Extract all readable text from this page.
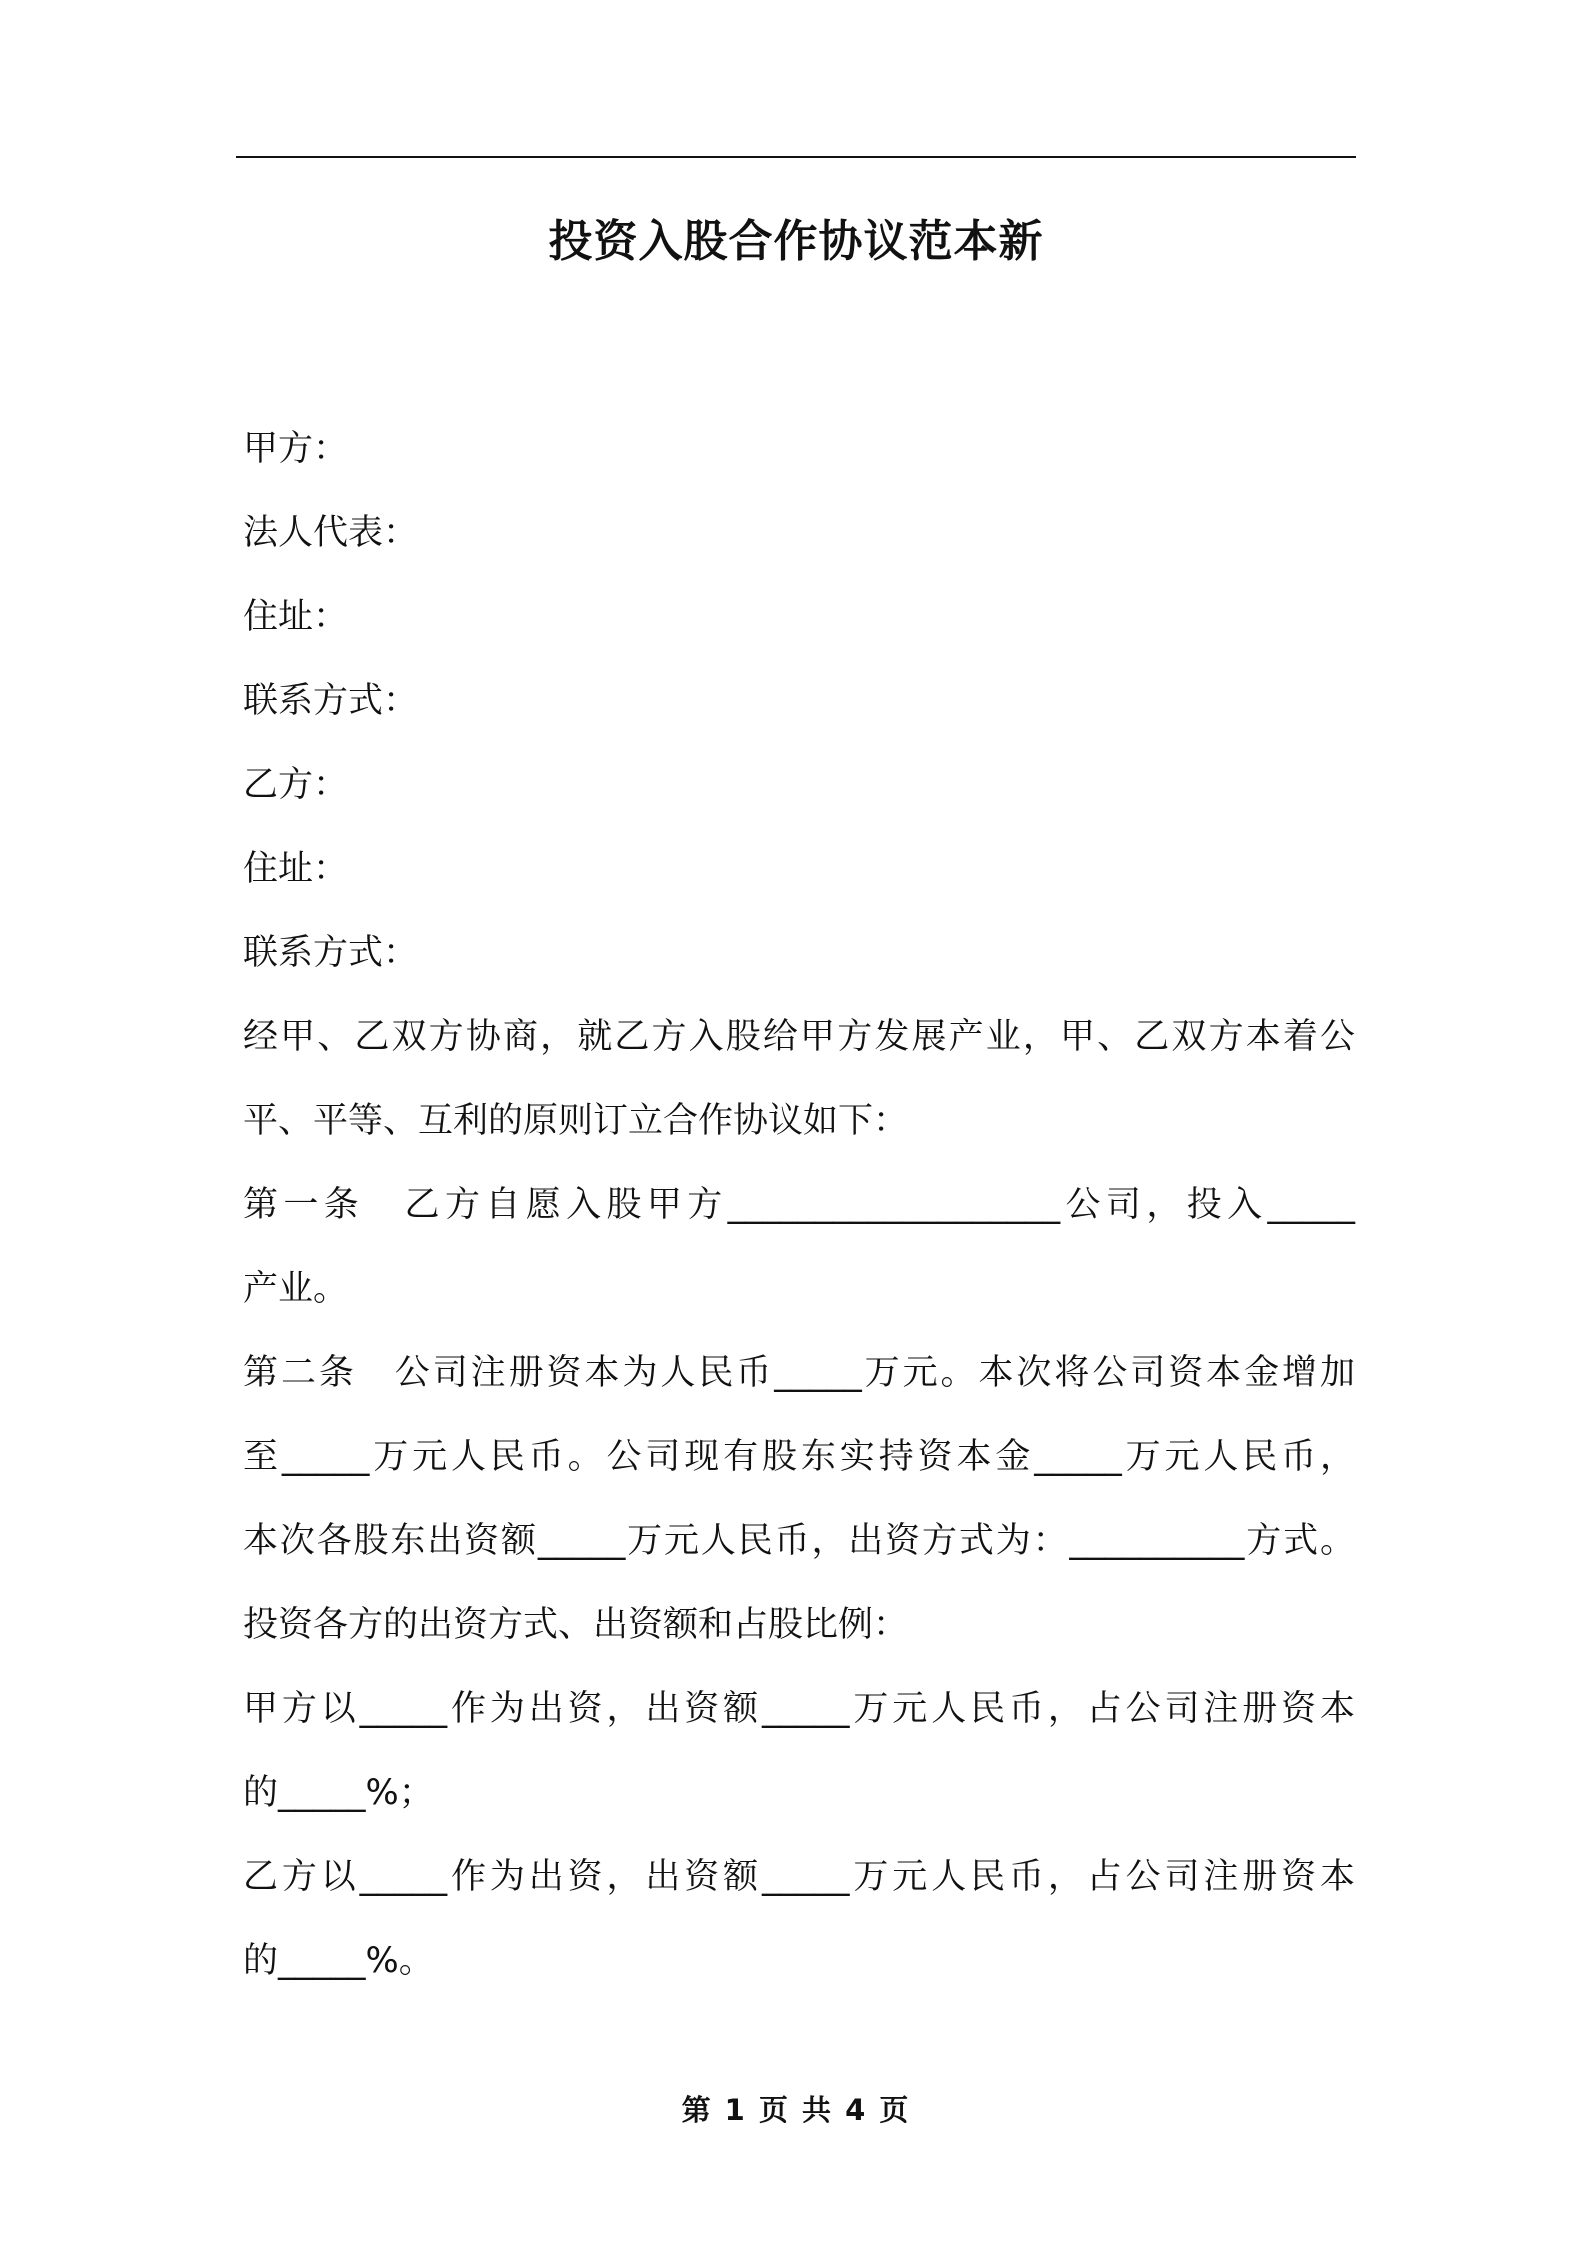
投资入股合作协议范本新
甲方：
法人代表：
住址：
联系方式：
乙方：
住址：
联系方式：
经甲、乙双方协商，就乙方入股给甲方发展产业，甲、乙双方本着公
平、平等、互利的原则订立合作协议如下：
第一条　乙方自愿入股甲方___________________公司，投入_____
产业。
第二条　公司注册资本为人民币_____万元。本次将公司资本金增加
至_____万元人民币。公司现有股东实持资本金_____万元人民币，
本次各股东出资额_____万元人民币，出资方式为：__________方式。
投资各方的出资方式、出资额和占股比例：
甲方以_____作为出资，出资额_____万元人民币，占公司注册资本
的_____%；
乙方以_____作为出资，出资额_____万元人民币，占公司注册资本
的_____%。
第 1 页 共 4 页
